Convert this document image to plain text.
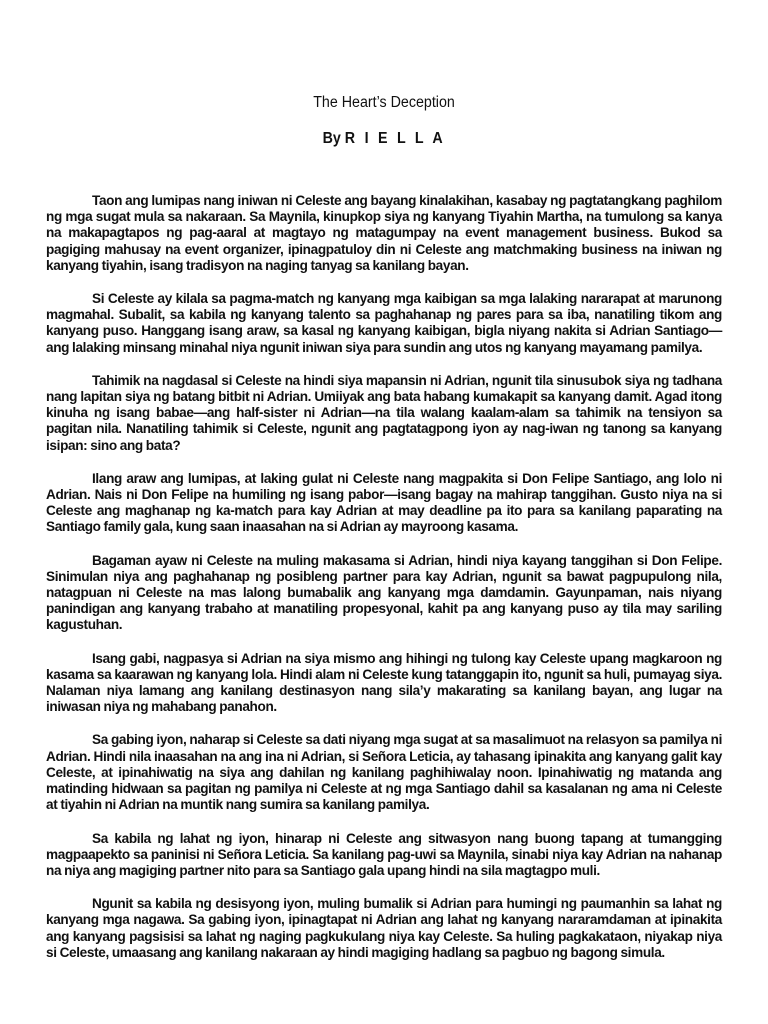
The Heart’s Deception
By R I E L L A

Taon ang lumipas nang iniwan ni Celeste ang bayang kinalakihan, kasabay ng pagtatangkang paghilom ng mga sugat mula sa nakaraan. Sa Maynila, kinupkop siya ng kanyang Tiyahin Martha, na tumulong sa kanya na makapagtapos ng pag-aaral at magtayo ng matagumpay na event management business. Bukod sa pagiging mahusay na event organizer, ipinagpatuloy din ni Celeste ang matchmaking business na iniwan ng kanyang tiyahin, isang tradisyon na naging tanyag sa kanilang bayan.

Si Celeste ay kilala sa pagma-match ng kanyang mga kaibigan sa mga lalaking nararapat at marunong magmahal. Subalit, sa kabila ng kanyang talento sa paghahanap ng pares para sa iba, nanatiling tikom ang kanyang puso. Hanggang isang araw, sa kasal ng kanyang kaibigan, bigla niyang nakita si Adrian Santiago—ang lalaking minsang minahal niya ngunit iniwan siya para sundin ang utos ng kanyang mayamang pamilya.

Tahimik na nagdasal si Celeste na hindi siya mapansin ni Adrian, ngunit tila sinusubok siya ng tadhana nang lapitan siya ng batang bitbit ni Adrian. Umiiyak ang bata habang kumakapit sa kanyang damit. Agad itong kinuha ng isang babae—ang half-sister ni Adrian—na tila walang kaalam-alam sa tahimik na tensiyon sa pagitan nila. Nanatiling tahimik si Celeste, ngunit ang pagtatagpong iyon ay nag-iwan ng tanong sa kanyang isipan: sino ang bata?

Ilang araw ang lumipas, at laking gulat ni Celeste nang magpakita si Don Felipe Santiago, ang lolo ni Adrian. Nais ni Don Felipe na humiling ng isang pabor—isang bagay na mahirap tanggihan. Gusto niya na si Celeste ang maghanap ng ka-match para kay Adrian at may deadline pa ito para sa kanilang paparating na Santiago family gala, kung saan inaasahan na si Adrian ay mayroong kasama.

Bagaman ayaw ni Celeste na muling makasama si Adrian, hindi niya kayang tanggihan si Don Felipe. Sinimulan niya ang paghahanap ng posibleng partner para kay Adrian, ngunit sa bawat pagpupulong nila, natagpuan ni Celeste na mas lalong bumabalik ang kanyang mga damdamin. Gayunpaman, nais niyang panindigan ang kanyang trabaho at manatiling propesyonal, kahit pa ang kanyang puso ay tila may sariling kagustuhan.

Isang gabi, nagpasya si Adrian na siya mismo ang hihingi ng tulong kay Celeste upang magkaroon ng kasama sa kaarawan ng kanyang lola. Hindi alam ni Celeste kung tatanggapin ito, ngunit sa huli, pumayag siya. Nalaman niya lamang ang kanilang destinasyon nang sila’y makarating sa kanilang bayan, ang lugar na iniwasan niya ng mahabang panahon.

Sa gabing iyon, naharap si Celeste sa dati niyang mga sugat at sa masalimuot na relasyon sa pamilya ni Adrian. Hindi nila inaasahan na ang ina ni Adrian, si Señora Leticia, ay tahasang ipinakita ang kanyang galit kay Celeste, at ipinahiwatig na siya ang dahilan ng kanilang paghihiwalay noon. Ipinahiwatig ng matanda ang matinding hidwaan sa pagitan ng pamilya ni Celeste at ng mga Santiago dahil sa kasalanan ng ama ni Celeste at tiyahin ni Adrian na muntik nang sumira sa kanilang pamilya.

Sa kabila ng lahat ng iyon, hinarap ni Celeste ang sitwasyon nang buong tapang at tumangging magpaapekto sa paninisi ni Señora Leticia. Sa kanilang pag-uwi sa Maynila, sinabi niya kay Adrian na nahanap na niya ang magiging partner nito para sa Santiago gala upang hindi na sila magtagpo muli.

Ngunit sa kabila ng desisyong iyon, muling bumalik si Adrian para humingi ng paumanhin sa lahat ng kanyang mga nagawa. Sa gabing iyon, ipinagtapat ni Adrian ang lahat ng kanyang nararamdaman at ipinakita ang kanyang pagsisisi sa lahat ng naging pagkukulang niya kay Celeste. Sa huling pagkakataon, niyakap niya si Celeste, umaasang ang kanilang nakaraan ay hindi magiging hadlang sa pagbuo ng bagong simula.
